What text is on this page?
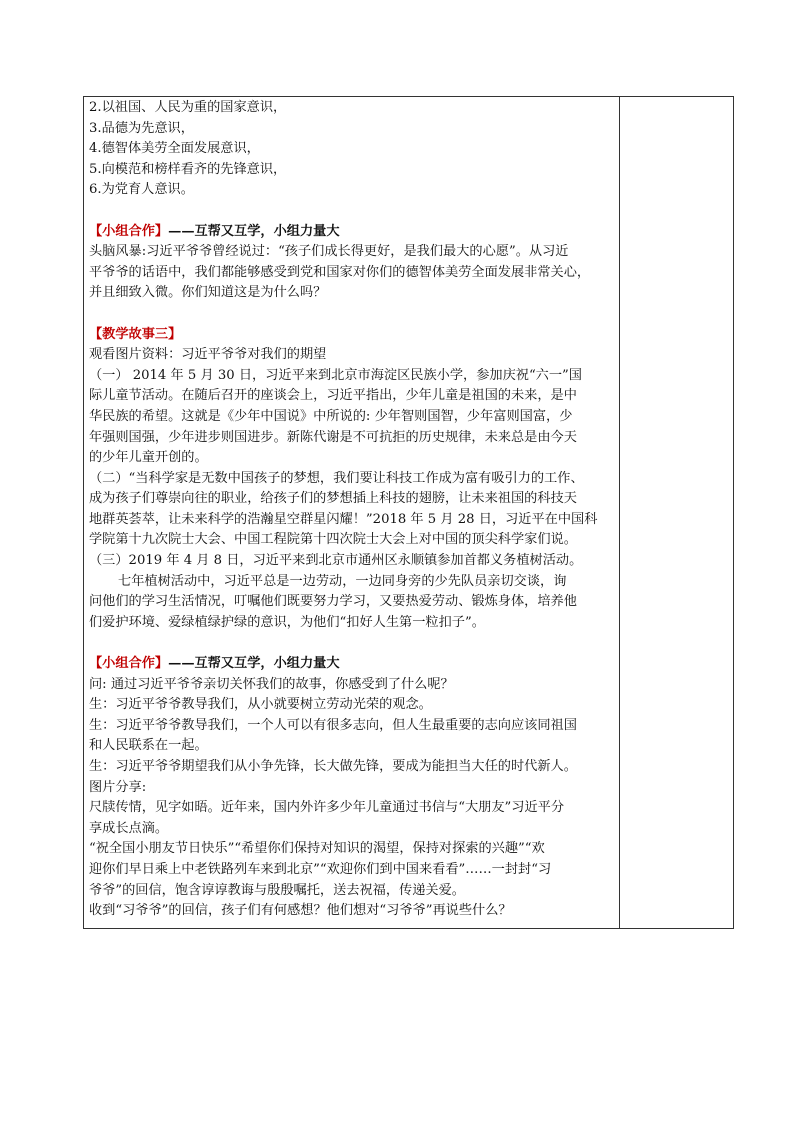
2.以祖国、人民为重的国家意识，
3.品德为先意识，
4.德智体美劳全面发展意识，
5.向模范和榜样看齐的先锋意识，
6.为党育人意识。
【小组合作】——互帮又互学，小组力量大
头脑风暴:习近平爷爷曾经说过：“孩子们成长得更好，是我们最大的心愿”。从习近
平爷爷的话语中，我们都能够感受到党和国家对你们的德智体美劳全面发展非常关心，
并且细致入微。你们知道这是为什么吗？
【教学故事三】
观看图片资料：习近平爷爷对我们的期望
（一） 2014 年 5 月 30 日，习近平来到北京市海淀区民族小学，参加庆祝“六一”国
际儿童节活动。在随后召开的座谈会上，习近平指出，少年儿童是祖国的未来，是中
华民族的希望。这就是《少年中国说》中所说的: 少年智则国智，少年富则国富，少
年强则国强，少年进步则国进步。新陈代谢是不可抗拒的历史规律，未来总是由今天
的少年儿童开创的。
（二）“当科学家是无数中国孩子的梦想，我们要让科技工作成为富有吸引力的工作、
成为孩子们尊崇向往的职业，给孩子们的梦想插上科技的翅膀，让未来祖国的科技天
地群英荟萃，让未来科学的浩瀚星空群星闪耀！”2018 年 5 月 28 日，习近平在中国科
学院第十九次院士大会、中国工程院第十四次院士大会上对中国的顶尖科学家们说。
（三）2019 年 4 月 8 日，习近平来到北京市通州区永顺镇参加首都义务植树活动。
七年植树活动中，习近平总是一边劳动，一边同身旁的少先队员亲切交谈，询
问他们的学习生活情况，叮嘱他们既要努力学习，又要热爱劳动、锻炼身体，培养他
们爱护环境、爱绿植绿护绿的意识，为他们“扣好人生第一粒扣子”。
【小组合作】——互帮又互学，小组力量大
问: 通过习近平爷爷亲切关怀我们的故事，你感受到了什么呢？
生：习近平爷爷教导我们，从小就要树立劳动光荣的观念。
生：习近平爷爷教导我们，一个人可以有很多志向，但人生最重要的志向应该同祖国
和人民联系在一起。
生：习近平爷爷期望我们从小争先锋，长大做先锋，要成为能担当大任的时代新人。
图片分享:
尺牍传情，见字如晤。近年来，国内外许多少年儿童通过书信与“大朋友”习近平分
享成长点滴。
“祝全国小朋友节日快乐”“希望你们保持对知识的渴望，保持对探索的兴趣”“欢
迎你们早日乘上中老铁路列车来到北京”“欢迎你们到中国来看看”……一封封“习
爷爷”的回信，饱含谆谆教诲与殷殷嘱托，送去祝福，传递关爱。
收到“习爷爷”的回信，孩子们有何感想？他们想对“习爷爷”再说些什么？
